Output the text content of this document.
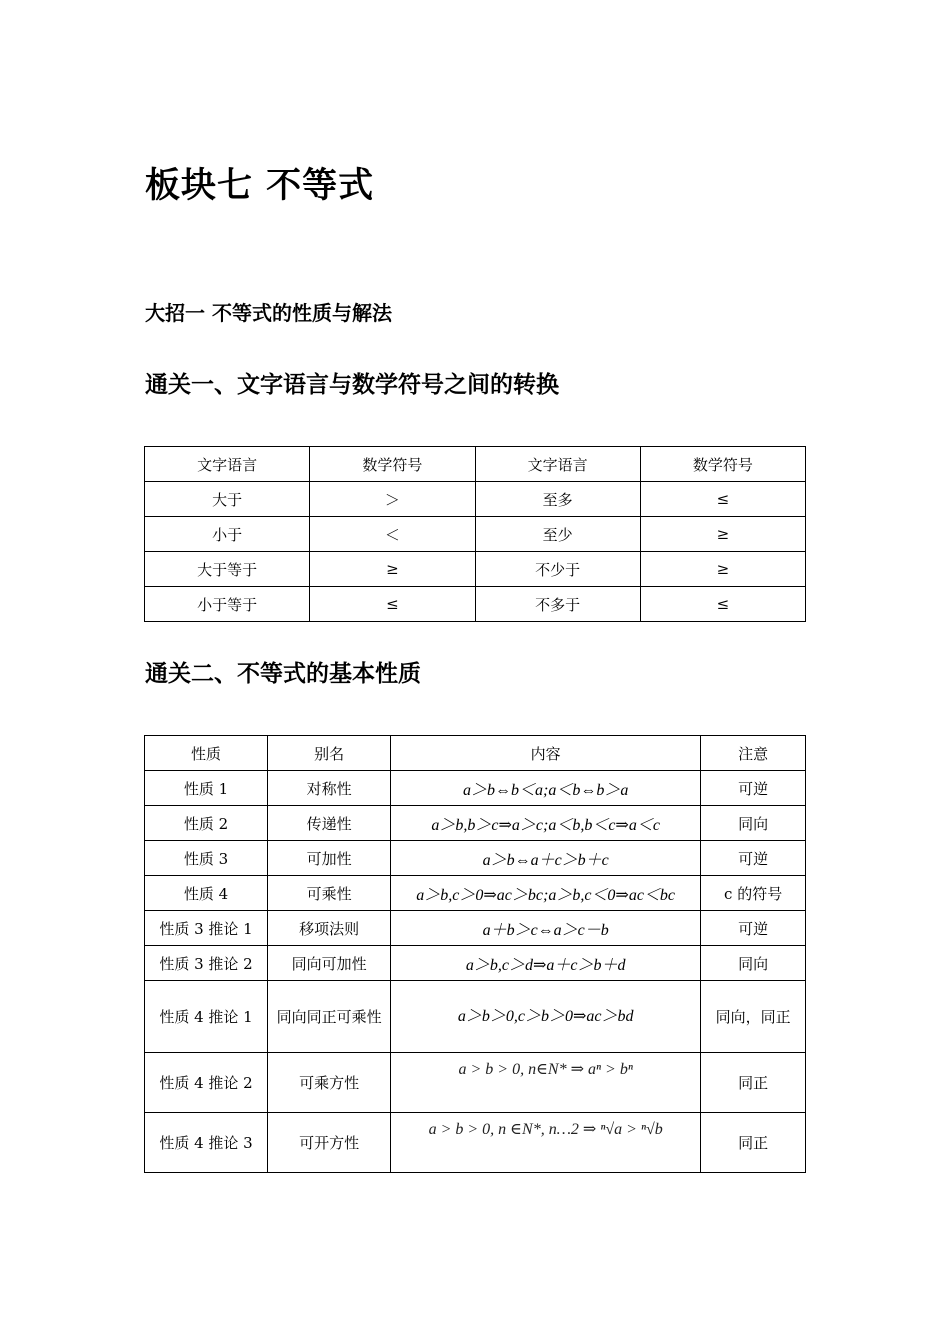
板块七 不等式
大招一 不等式的性质与解法
通关一、文字语言与数学符号之间的转换
文字语言	数学符号	文字语言	数学符号
大于	＞	至多	≤
小于	＜	至少	≥
大于等于	≥	不少于	≥
小于等于	≤	不多于	≤
通关二、不等式的基本性质
性质	别名	内容	注意
性质 1	对称性	a＞b⇔b＜a;a＜b⇔b＞a	可逆
性质 2	传递性	a＞b,b＞c⇒a＞c;a＜b,b＜c⇒a＜c	同向
性质 3	可加性	a＞b⇔a＋c＞b＋c	可逆
性质 4	可乘性	a＞b,c＞0⇒ac＞bc;a＞b,c＜0⇒ac＜bc	c 的符号
性质 3 推论 1	移项法则	a＋b＞c⇔a＞c－b	可逆
性质 3 推论 2	同向可加性	a＞b,c＞d⇒a＋c＞b＋d	同向
性质 4 推论 1	同向同正可乘性	a＞b＞0,c＞b＞0⇒ac＞bd	同向，同正
性质 4 推论 2	可乘方性	a > b > 0, n∈N* ⇒ aⁿ > bⁿ	同正
性质 4 推论 3	可开方性	a > b > 0, n ∈N*, n…2 ⇒ ⁿ√a > ⁿ√b	同正
